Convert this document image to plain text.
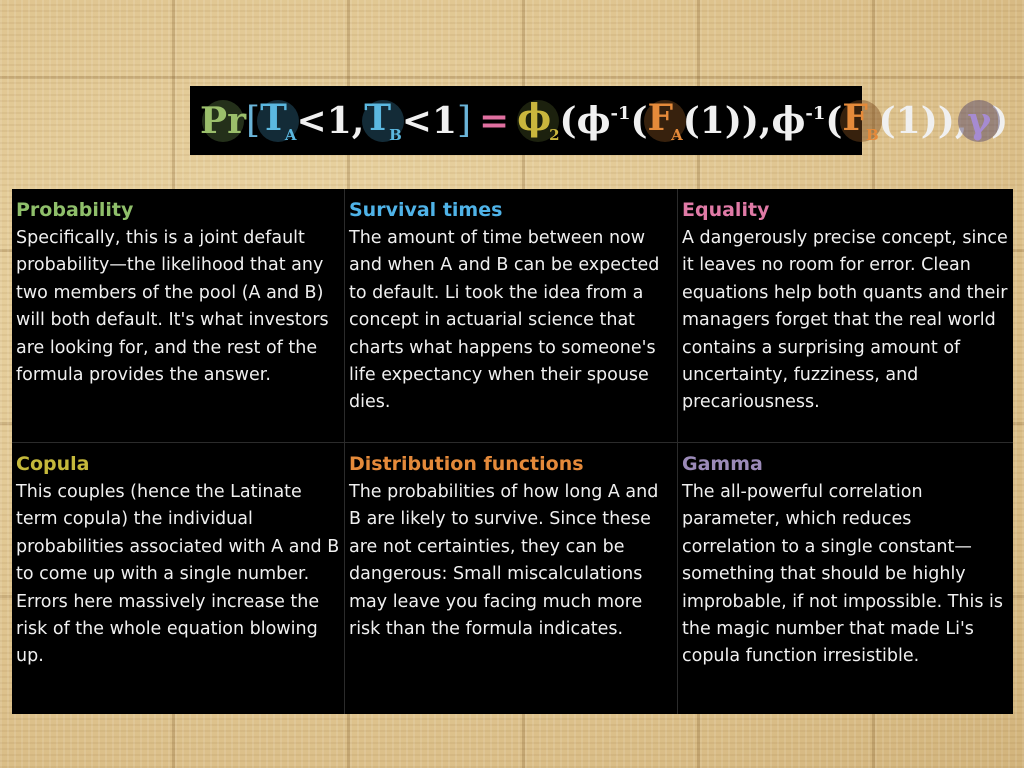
Pr [ TA <1 , TB <1 ] = ϕ2 ( ϕ-1 ( FA ( 1 )), ϕ-1 ( FB ( 1 )), γ )
Probability

Specifically, this is a joint default probability—the likelihood that any two members of the pool (A and B) will both default. It's what investors are looking for, and the rest of the formula provides the answer.

Survival times

The amount of time between now and when A and B can be expected to default. Li took the idea from a concept in actuarial science that charts what happens to someone's life expectancy when their spouse dies.

Equality

A dangerously precise concept, since it leaves no room for error. Clean equations help both quants and their managers forget that the real world contains a surprising amount of uncertainty, fuzziness, and precariousness.

Copula

This couples (hence the Latinate term copula) the individual probabilities associated with A and B to come up with a single number. Errors here massively increase the risk of the whole equation blowing up.

Distribution functions

The probabilities of how long A and B are likely to survive. Since these are not certainties, they can be dangerous: Small miscalculations may leave you facing much more risk than the formula indicates.

Gamma

The all-powerful correlation parameter, which reduces correlation to a single constant—something that should be highly improbable, if not impossible. This is the magic number that made Li's copula function irresistible.
